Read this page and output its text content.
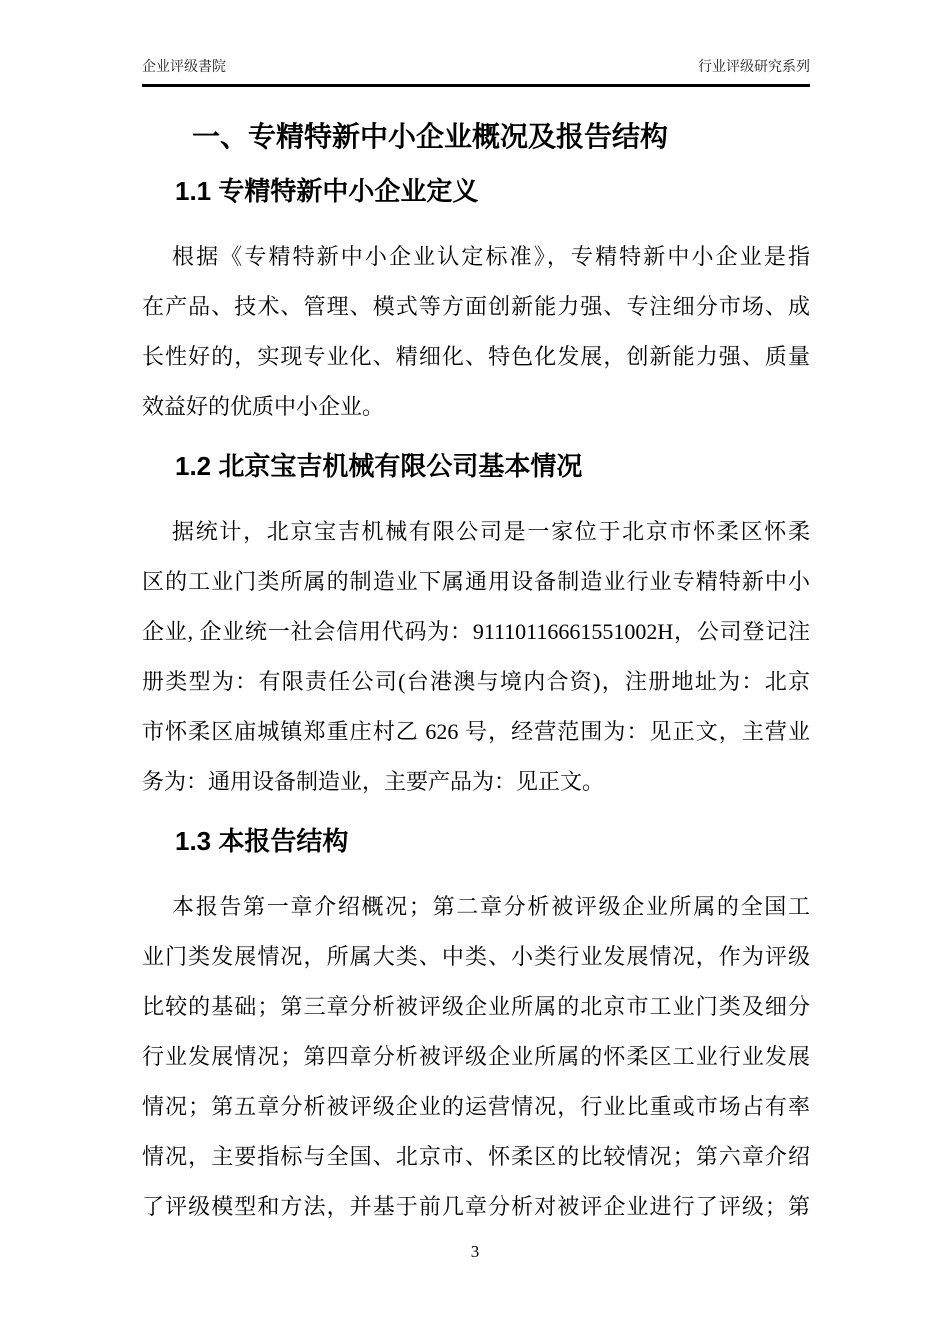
企业评级書院	行业评级研究系列
一、专精特新中小企业概况及报告结构
1.1 专精特新中小企业定义
根据《专精特新中小企业认定标准》，专精特新中小企业是指
在产品、技术、管理、模式等方面创新能力强、专注细分市场、成
长性好的，实现专业化、精细化、特色化发展，创新能力强、质量
效益好的优质中小企业。
1.2 北京宝吉机械有限公司基本情况
据统计，北京宝吉机械有限公司是一家位于北京市怀柔区怀柔
区的工业门类所属的制造业下属通用设备制造业行业专精特新中小
企业, 企业统一社会信用代码为：91110116661551002H，公司登记注
册类型为：有限责任公司(台港澳与境内合资)，注册地址为：北京
市怀柔区庙城镇郑重庄村乙 626 号，经营范围为：见正文，主营业
务为：通用设备制造业，主要产品为：见正文。
1.3 本报告结构
本报告第一章介绍概况；第二章分析被评级企业所属的全国工
业门类发展情况，所属大类、中类、小类行业发展情况，作为评级
比较的基础；第三章分析被评级企业所属的北京市工业门类及细分
行业发展情况；第四章分析被评级企业所属的怀柔区工业行业发展
情况；第五章分析被评级企业的运营情况，行业比重或市场占有率
情况，主要指标与全国、北京市、怀柔区的比较情况；第六章介绍
了评级模型和方法，并基于前几章分析对被评企业进行了评级；第
3
